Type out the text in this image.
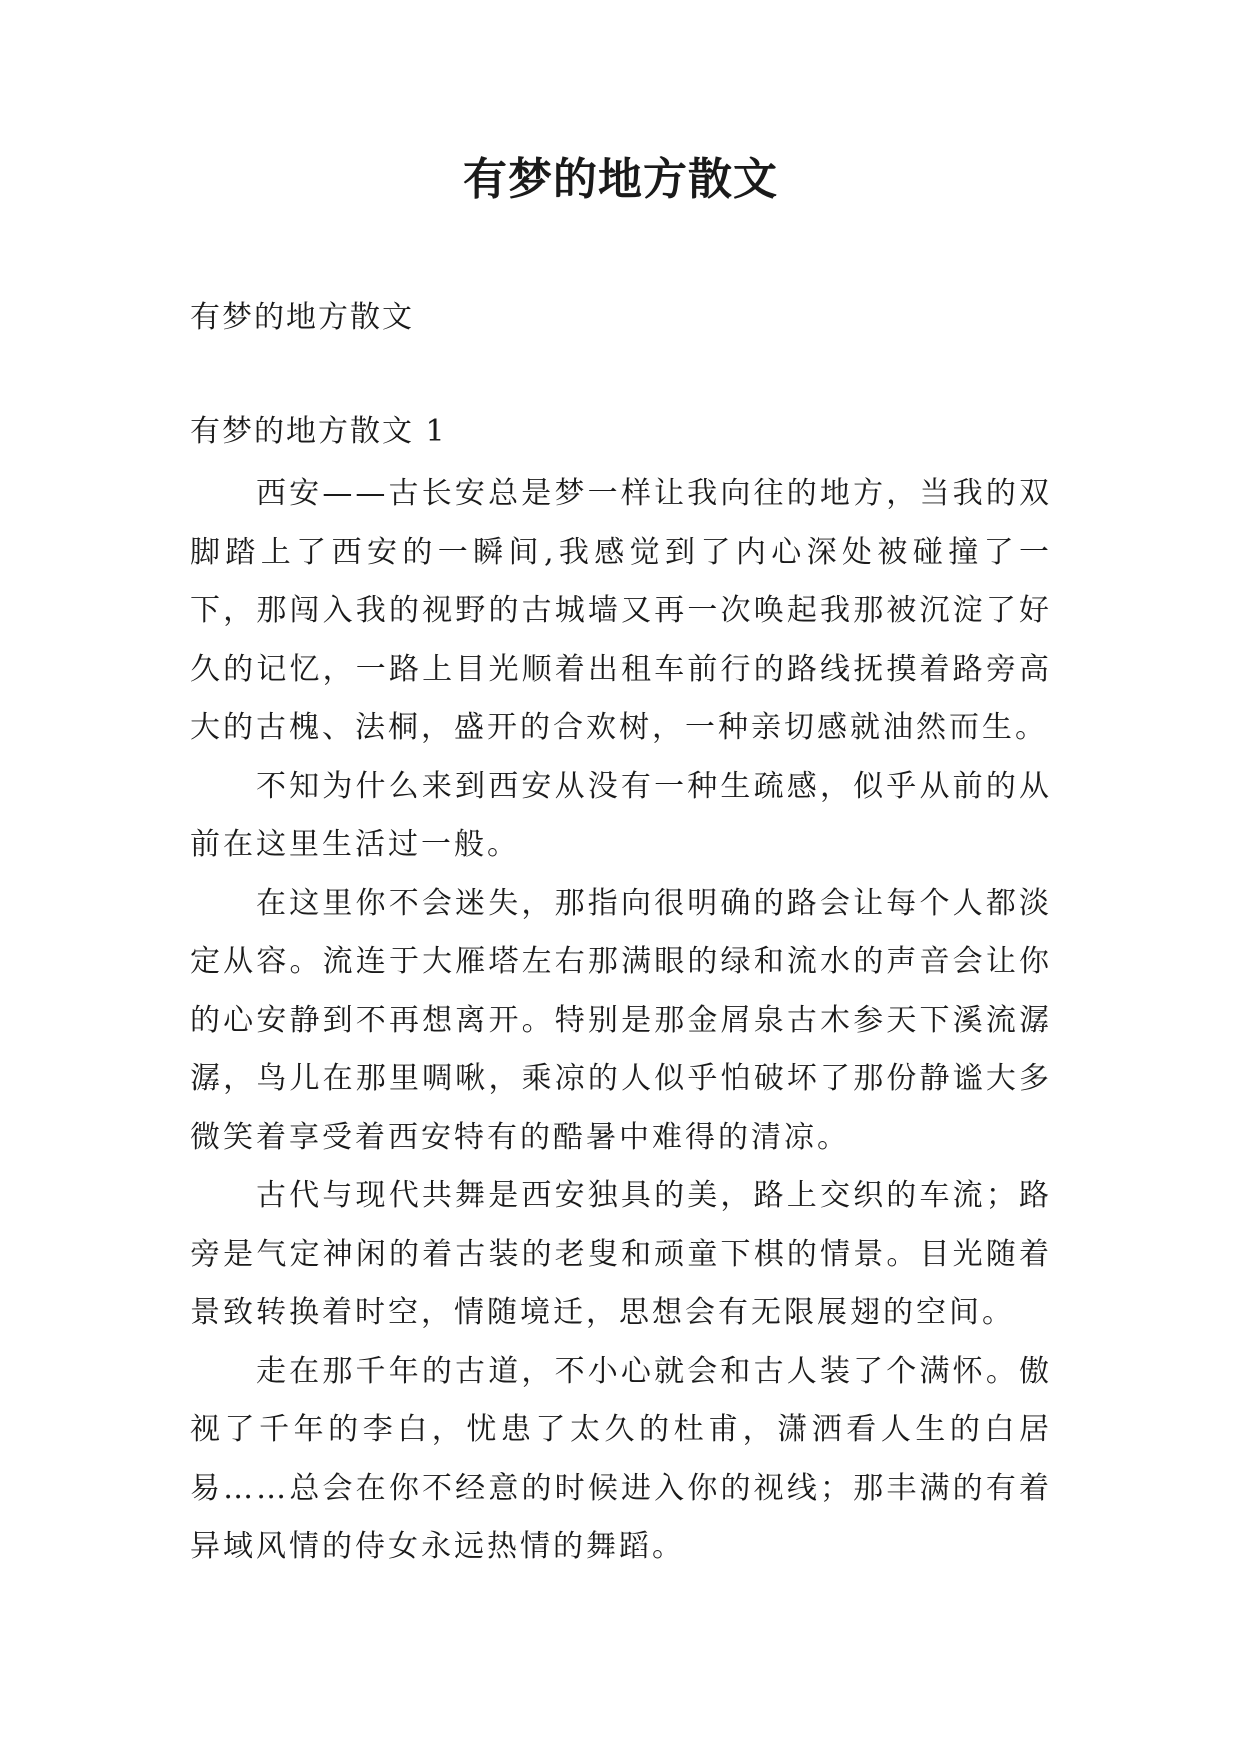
有梦的地方散文
有梦的地方散文
有梦的地方散文 1

西安——古长安总是梦一样让我向往的地方，当我的双脚踏上了西安的一瞬间,我感觉到了内心深处被碰撞了一下，那闯入我的视野的古城墙又再一次唤起我那被沉淀了好久的记忆，一路上目光顺着出租车前行的路线抚摸着路旁高大的古槐、法桐，盛开的合欢树，一种亲切感就油然而生。

不知为什么来到西安从没有一种生疏感，似乎从前的从前在这里生活过一般。

在这里你不会迷失，那指向很明确的路会让每个人都淡定从容。流连于大雁塔左右那满眼的绿和流水的声音会让你的心安静到不再想离开。特别是那金屑泉古木参天下溪流潺潺，鸟儿在那里啁啾，乘凉的人似乎怕破坏了那份静谧大多微笑着享受着西安特有的酷暑中难得的清凉。

古代与现代共舞是西安独具的美，路上交织的车流；路旁是气定神闲的着古装的老叟和顽童下棋的情景。目光随着景致转换着时空，情随境迁，思想会有无限展翅的空间。

走在那千年的古道，不小心就会和古人装了个满怀。傲视了千年的李白，忧患了太久的杜甫，潇洒看人生的白居易……总会在你不经意的时候进入你的视线；那丰满的有着异域风情的侍女永远热情的舞蹈。
